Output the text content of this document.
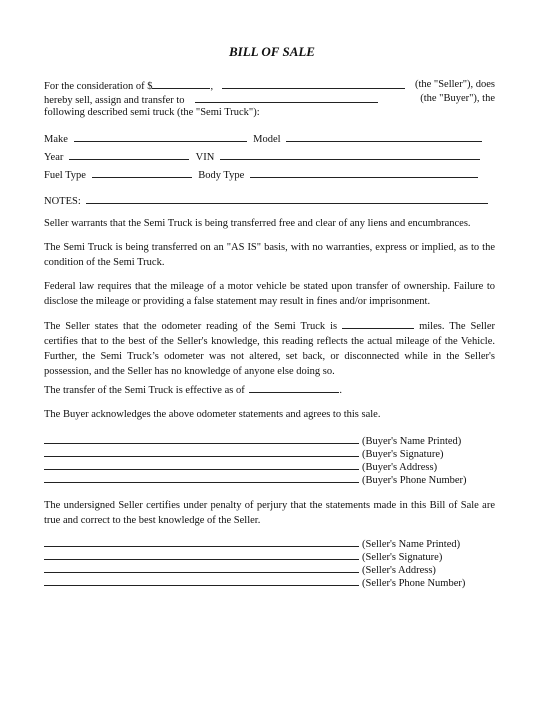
BILL OF SALE
For the consideration of $	,	(the "Seller"), does
hereby sell, assign and transfer to	(the "Buyer"), the
following described semi truck (the "Semi Truck"):
Make	Model
Year	VIN
Fuel Type	Body Type
NOTES:
Seller warrants that the Semi Truck is being transferred free and clear of any liens and encumbrances.
The Semi Truck is being transferred on an "AS IS" basis, with no warranties, express or implied, as to the condition of the Semi Truck.
Federal law requires that the mileage of a motor vehicle be stated upon transfer of ownership. Failure to disclose the mileage or providing a false statement may result in fines and/or imprisonment.
The Seller states that the odometer reading of the Semi Truck is	miles. The Seller certifies that to the best of the Seller's knowledge, this reading reflects the actual mileage of the Vehicle. Further, the Semi Truck’s odometer was not altered, set back, or disconnected while in the Seller's possession, and the Seller has no knowledge of anyone else doing so.
The transfer of the Semi Truck is effective as of	.
The Buyer acknowledges the above odometer statements and agrees to this sale.
(Buyer's Name Printed)
(Buyer's Signature)
(Buyer's Address)
(Buyer's Phone Number)
The undersigned Seller certifies under penalty of perjury that the statements made in this Bill of Sale are true and correct to the best knowledge of the Seller.
(Seller's Name Printed)
(Seller's Signature)
(Seller's Address)
(Seller's Phone Number)
